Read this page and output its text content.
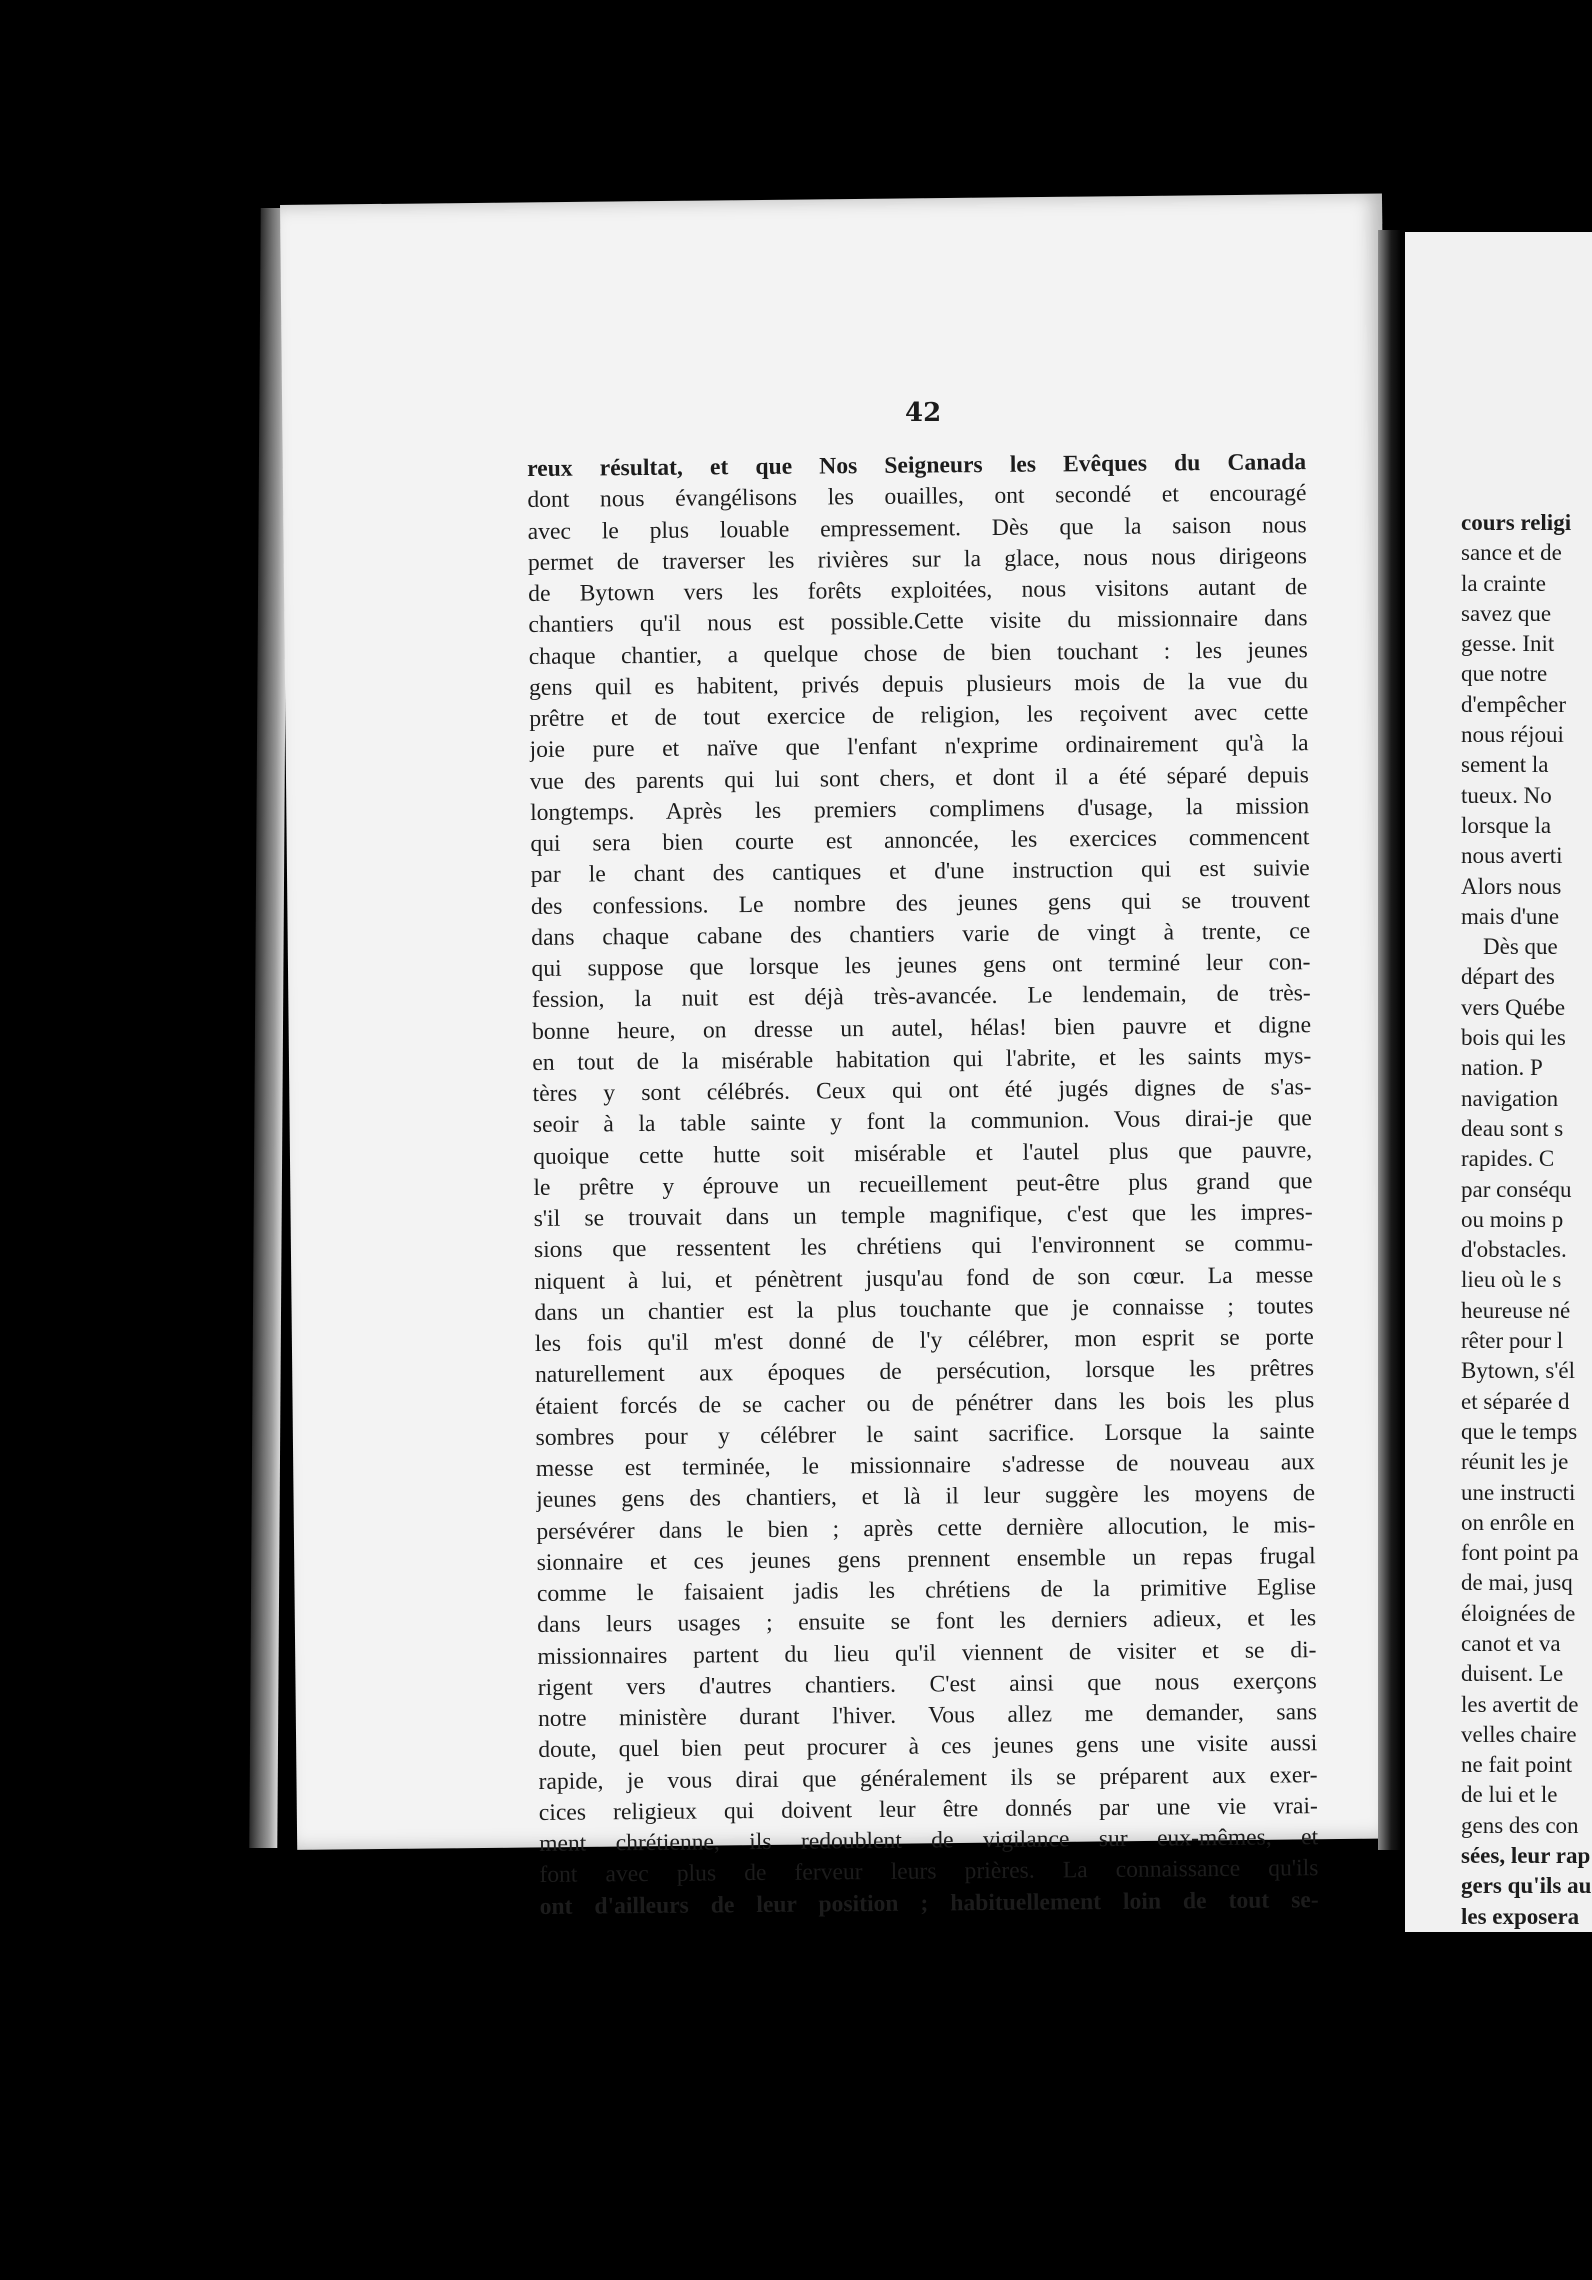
42
reux résultat, et que Nos Seigneurs les Evêques du Canada
dont nous évangélisons les ouailles, ont secondé et encouragé
avec le plus louable empressement. Dès que la saison nous
permet de traverser les rivières sur la glace, nous nous dirigeons
de Bytown vers les forêts exploitées, nous visitons autant de
chantiers qu'il nous est possible.Cette visite du missionnaire dans
chaque chantier, a quelque chose de bien touchant : les jeunes
gens quil es habitent, privés depuis plusieurs mois de la vue du
prêtre et de tout exercice de religion, les reçoivent avec cette
joie pure et naïve que l'enfant n'exprime ordinairement qu'à la
vue des parents qui lui sont chers, et dont il a été séparé depuis
longtemps. Après les premiers complimens d'usage, la mission
qui sera bien courte est annoncée, les exercices commencent
par le chant des cantiques et d'une instruction qui est suivie
des confessions. Le nombre des jeunes gens qui se trouvent
dans chaque cabane des chantiers varie de vingt à trente, ce
qui suppose que lorsque les jeunes gens ont terminé leur con-
fession, la nuit est déjà très-avancée. Le lendemain, de très-
bonne heure, on dresse un autel, hélas! bien pauvre et digne
en tout de la misérable habitation qui l'abrite, et les saints mys-
tères y sont célébrés. Ceux qui ont été jugés dignes de s'as-
seoir à la table sainte y font la communion. Vous dirai-je que
quoique cette hutte soit misérable et l'autel plus que pauvre,
le prêtre y éprouve un recueillement peut-être plus grand que
s'il se trouvait dans un temple magnifique, c'est que les impres-
sions que ressentent les chrétiens qui l'environnent se commu-
niquent à lui, et pénètrent jusqu'au fond de son cœur. La messe
dans un chantier est la plus touchante que je connaisse ; toutes
les fois qu'il m'est donné de l'y célébrer, mon esprit se porte
naturellement aux époques de persécution, lorsque les prêtres
étaient forcés de se cacher ou de pénétrer dans les bois les plus
sombres pour y célébrer le saint sacrifice. Lorsque la sainte
messe est terminée, le missionnaire s'adresse de nouveau aux
jeunes gens des chantiers, et là il leur suggère les moyens de
persévérer dans le bien ; après cette dernière allocution, le mis-
sionnaire et ces jeunes gens prennent ensemble un repas frugal
comme le faisaient jadis les chrétiens de la primitive Eglise
dans leurs usages ; ensuite se font les derniers adieux, et les
missionnaires partent du lieu qu'il viennent de visiter et se di-
rigent vers d'autres chantiers. C'est ainsi que nous exerçons
notre ministère durant l'hiver. Vous allez me demander, sans
doute, quel bien peut procurer à ces jeunes gens une visite aussi
rapide, je vous dirai que généralement ils se préparent aux exer-
cices religieux qui doivent leur être donnés par une vie vrai-
ment chrétienne, ils redoublent de vigilance sur eux-mêmes, et
font avec plus de ferveur leurs prières. La connaissance qu'ils
ont d'ailleurs de leur position ; habituellement loin de tout se-
cours religi
sance et de
la crainte
savez que
gesse. Init
que notre
d'empêcher
nous réjoui
sement la
tueux. No
lorsque la
nous averti
Alors nous
mais d'une
Dès que
départ des
vers Québe
bois qui les
nation. P
navigation
deau sont s
rapides. C
par conséqu
ou moins p
d'obstacles.
lieu où le s
heureuse né
rêter pour l
Bytown, s'él
et séparée d
que le temps
réunit les je
une instructi
on enrôle en
font point pa
de mai, jusq
éloignées de
canot et va
duisent. Le
les avertit de
velles chaire
ne fait point
de lui et le
gens des con
sées, leur rap
gers qu'ils au
les exposera
